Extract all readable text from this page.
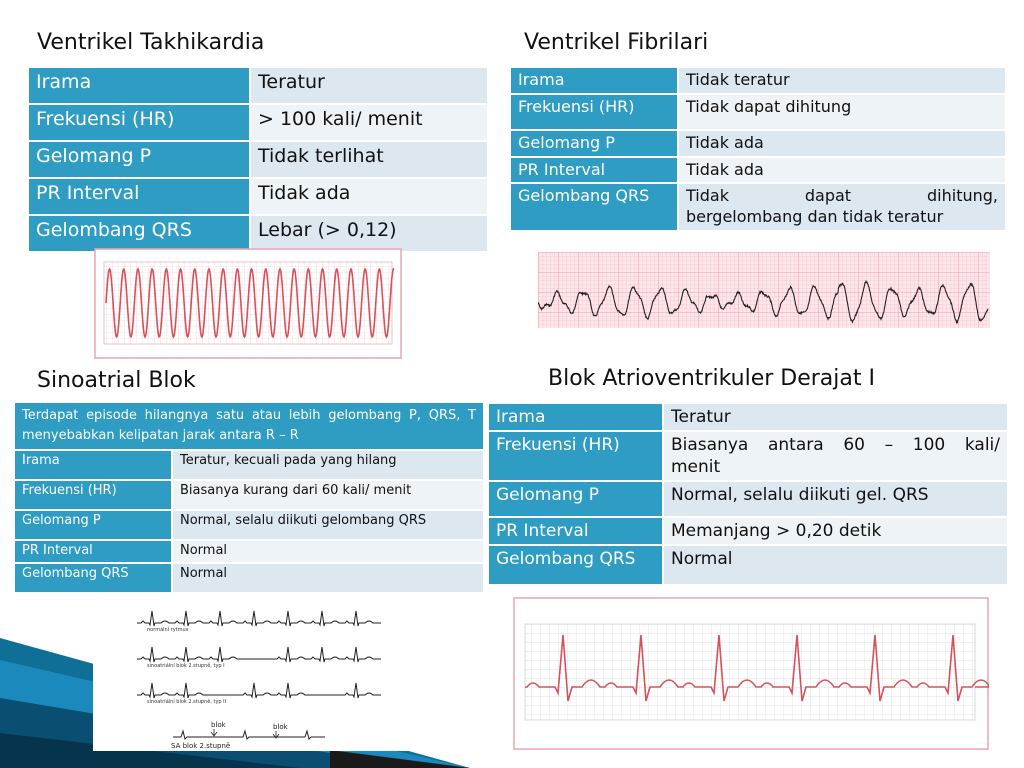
Ventrikel Takhikardia
Irama	Teratur
Frekuensi (HR)	> 100 kali/ menit
Gelomang P	Tidak terlihat
PR Interval	Tidak ada
Gelombang QRS	Lebar (> 0,12)
Ventrikel Fibrilari
Irama	Tidak teratur
Frekuensi (HR)	Tidak dapat dihitung
Gelomang P	Tidak ada
PR Interval	Tidak ada
Gelombang QRS	Tidak dapat dihitung,
bergelombang dan tidak teratur
Sinoatrial Blok
Terdapat episode hilangnya satu atau lebih gelombang P, QRS, T menyebabkan kelipatan jarak antara R – R	
Irama	Teratur, kecuali pada yang hilang
Frekuensi (HR)	Biasanya kurang dari 60 kali/ menit
Gelomang P	Normal, selalu diikuti gelombang QRS
PR Interval	Normal
Gelombang QRS	Normal
normální rytmus
sinoatriální blok 2.stupně, typ I
sinoatriální blok 2.stupně, typ II
blok	blok
SA blok 2.stupně
Blok Atrioventrikuler Derajat I
Irama	Teratur
Frekuensi (HR)	Biasanya antara 60 – 100 kali/
menit

Gelomang P	Normal, selalu diikuti gel. QRS
PR Interval	Memanjang > 0,20 detik
Gelombang QRS	Normal
